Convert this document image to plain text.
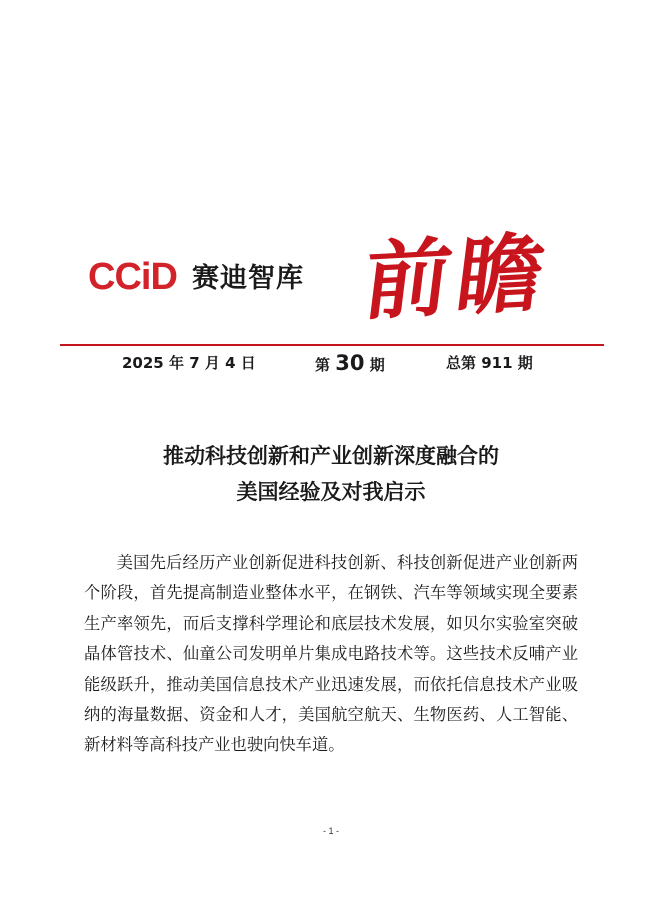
CCiD 赛迪智库 前瞻
2025 年 7 月 4 日	第 30 期	总第 911 期
推动科技创新和产业创新深度融合的
美国经验及对我启示
美国先后经历产业创新促进科技创新、科技创新促进产业创新两个阶段，首先提高制造业整体水平，在钢铁、汽车等领域实现全要素生产率领先，而后支撑科学理论和底层技术发展，如贝尔实验室突破晶体管技术、仙童公司发明单片集成电路技术等。这些技术反哺产业能级跃升，推动美国信息技术产业迅速发展，而依托信息技术产业吸纳的海量数据、资金和人才，美国航空航天、生物医药、人工智能、新材料等高科技产业也驶向快车道。
- 1 -
